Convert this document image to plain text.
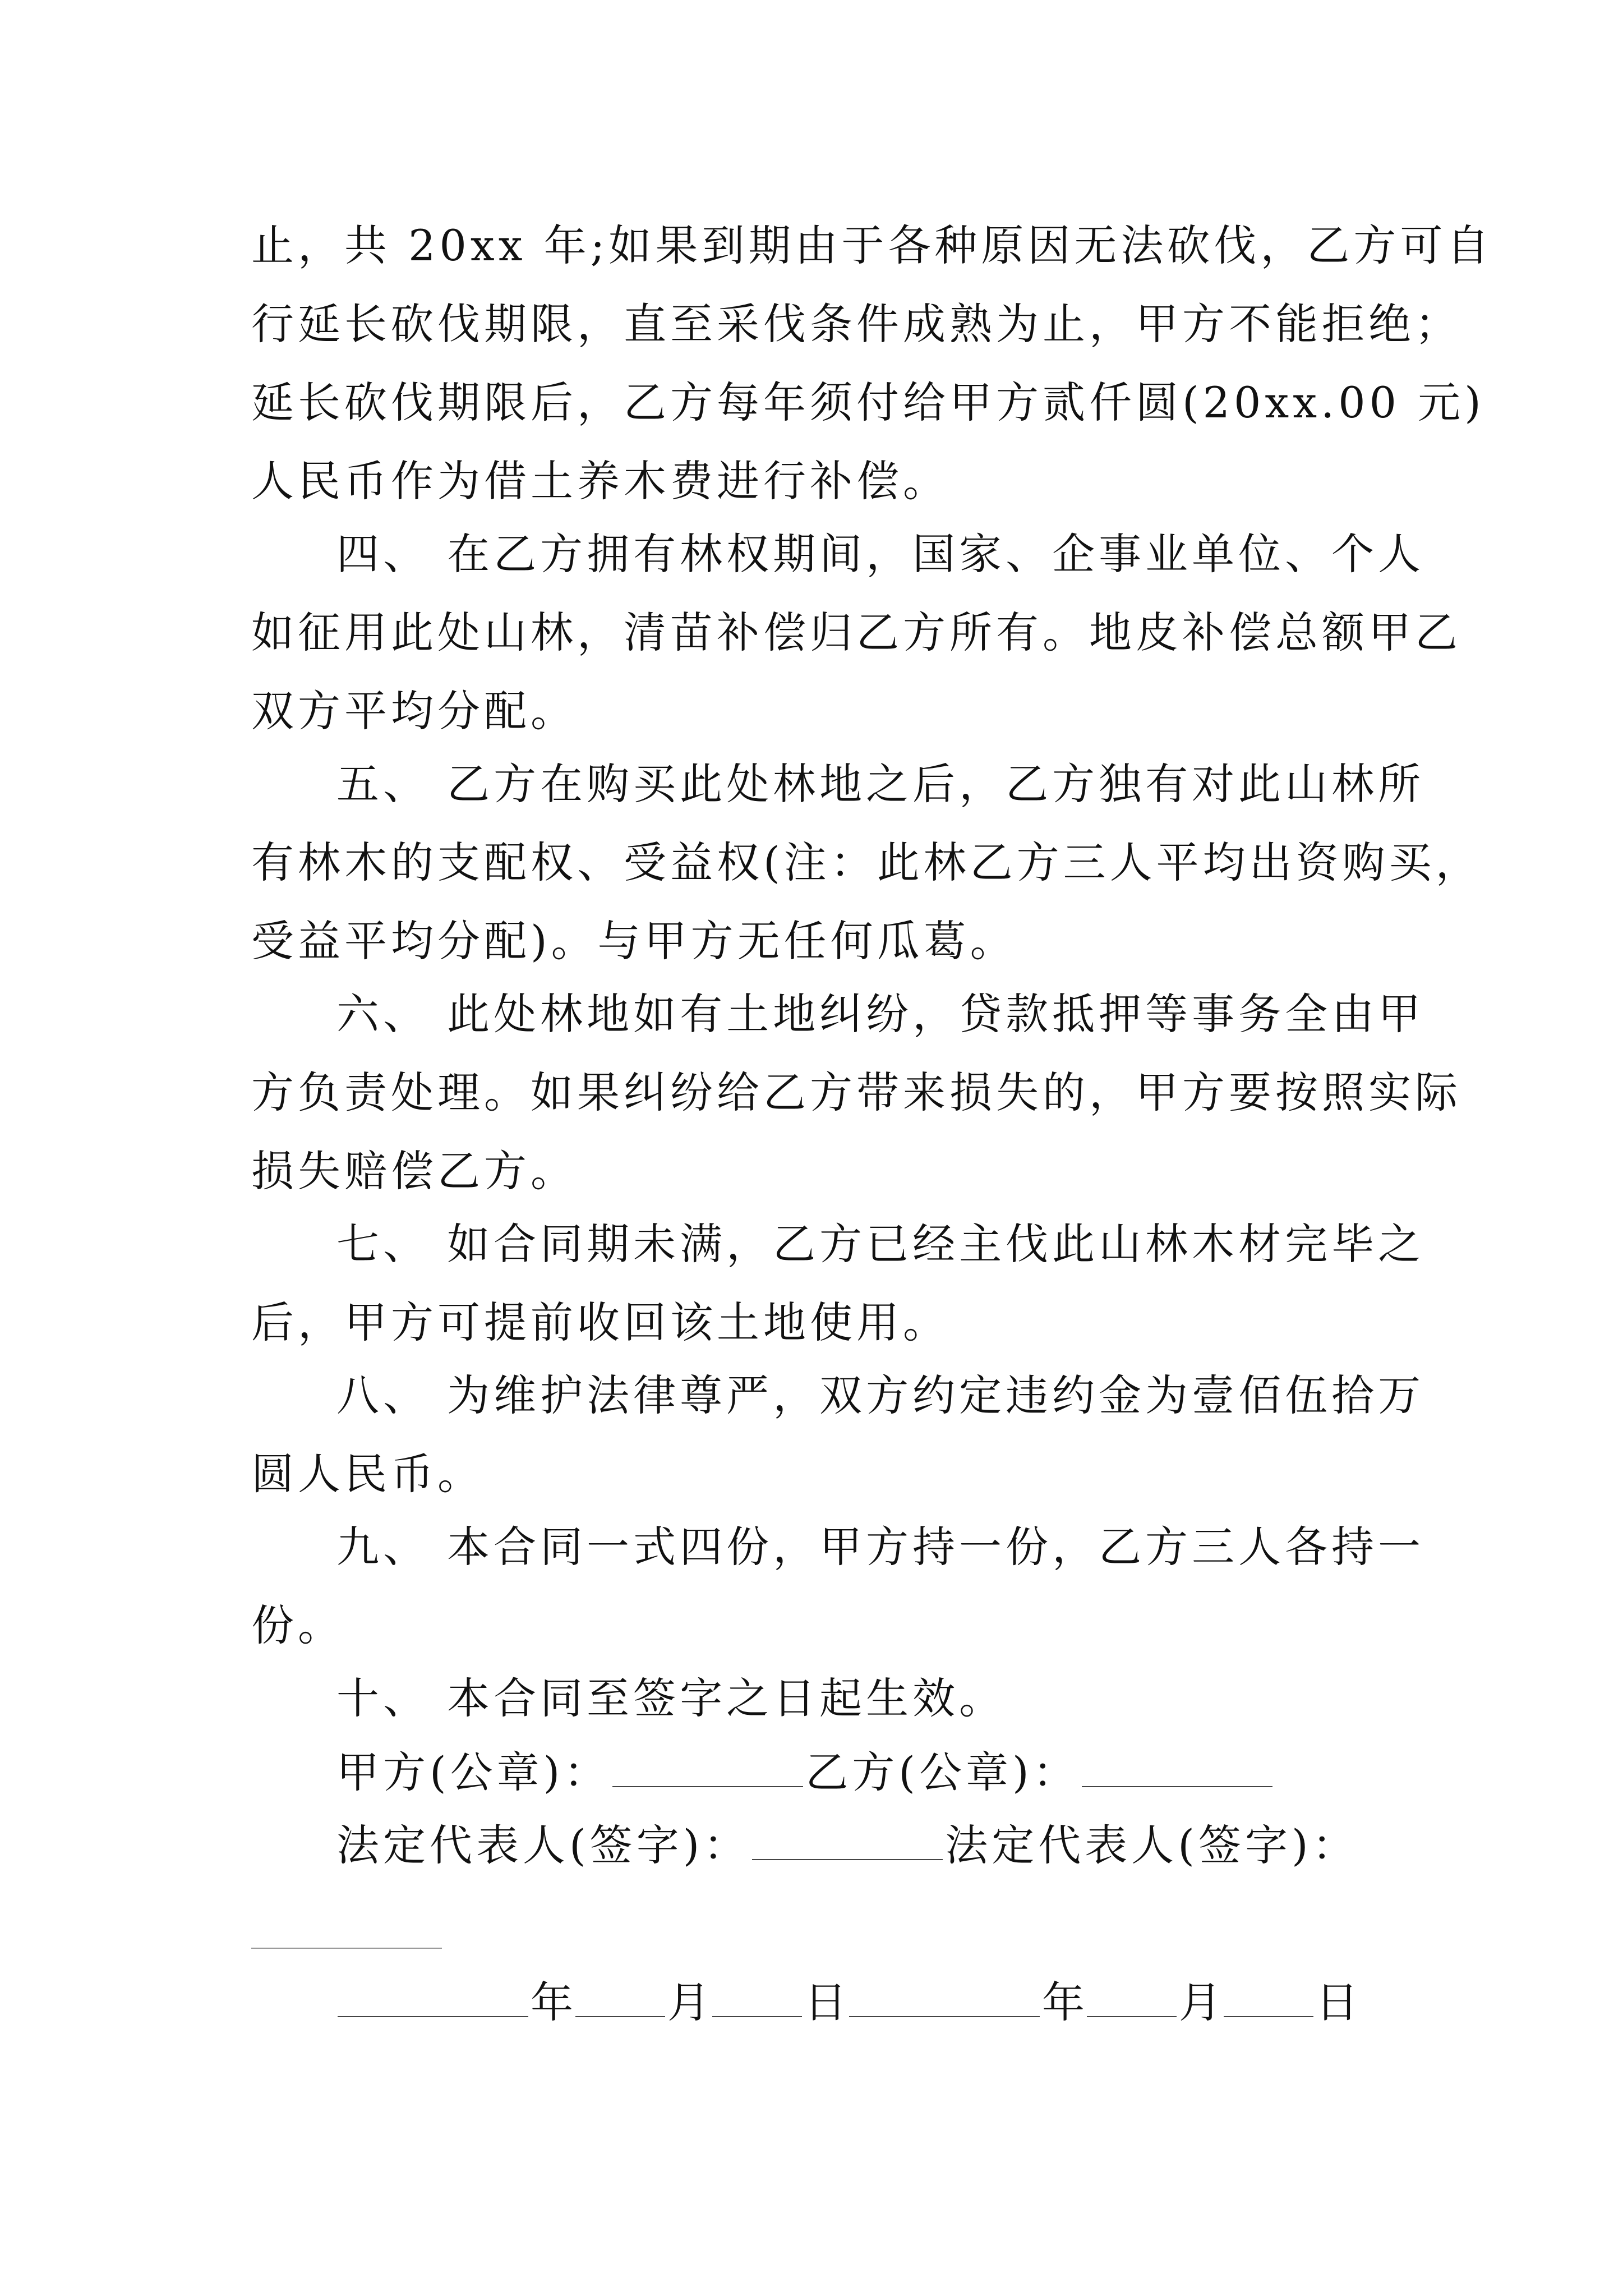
止，共 20xx 年;如果到期由于各种原因无法砍伐，乙方可自
行延长砍伐期限，直至采伐条件成熟为止，甲方不能拒绝；
延长砍伐期限后，乙方每年须付给甲方贰仟圆(20xx.00 元)
人民币作为借土养木费进行补偿。
四、 在乙方拥有林权期间，国家、企事业单位、个人
如征用此处山林，清苗补偿归乙方所有。地皮补偿总额甲乙
双方平均分配。
五、 乙方在购买此处林地之后，乙方独有对此山林所
有林木的支配权、受益权(注：此林乙方三人平均出资购买，
受益平均分配)。与甲方无任何瓜葛。
六、 此处林地如有土地纠纷，贷款抵押等事务全由甲
方负责处理。如果纠纷给乙方带来损失的，甲方要按照实际
损失赔偿乙方。
七、 如合同期未满，乙方已经主伐此山林木材完毕之
后，甲方可提前收回该土地使用。
八、 为维护法律尊严，双方约定违约金为壹佰伍拾万
圆人民币。
九、 本合同一式四份，甲方持一份，乙方三人各持一
份。
十、 本合同至签字之日起生效。
甲方(公章)：	乙方(公章)：
法定代表人(签字)：	法定代表人(签字)：
年 月 日	年 月 日
